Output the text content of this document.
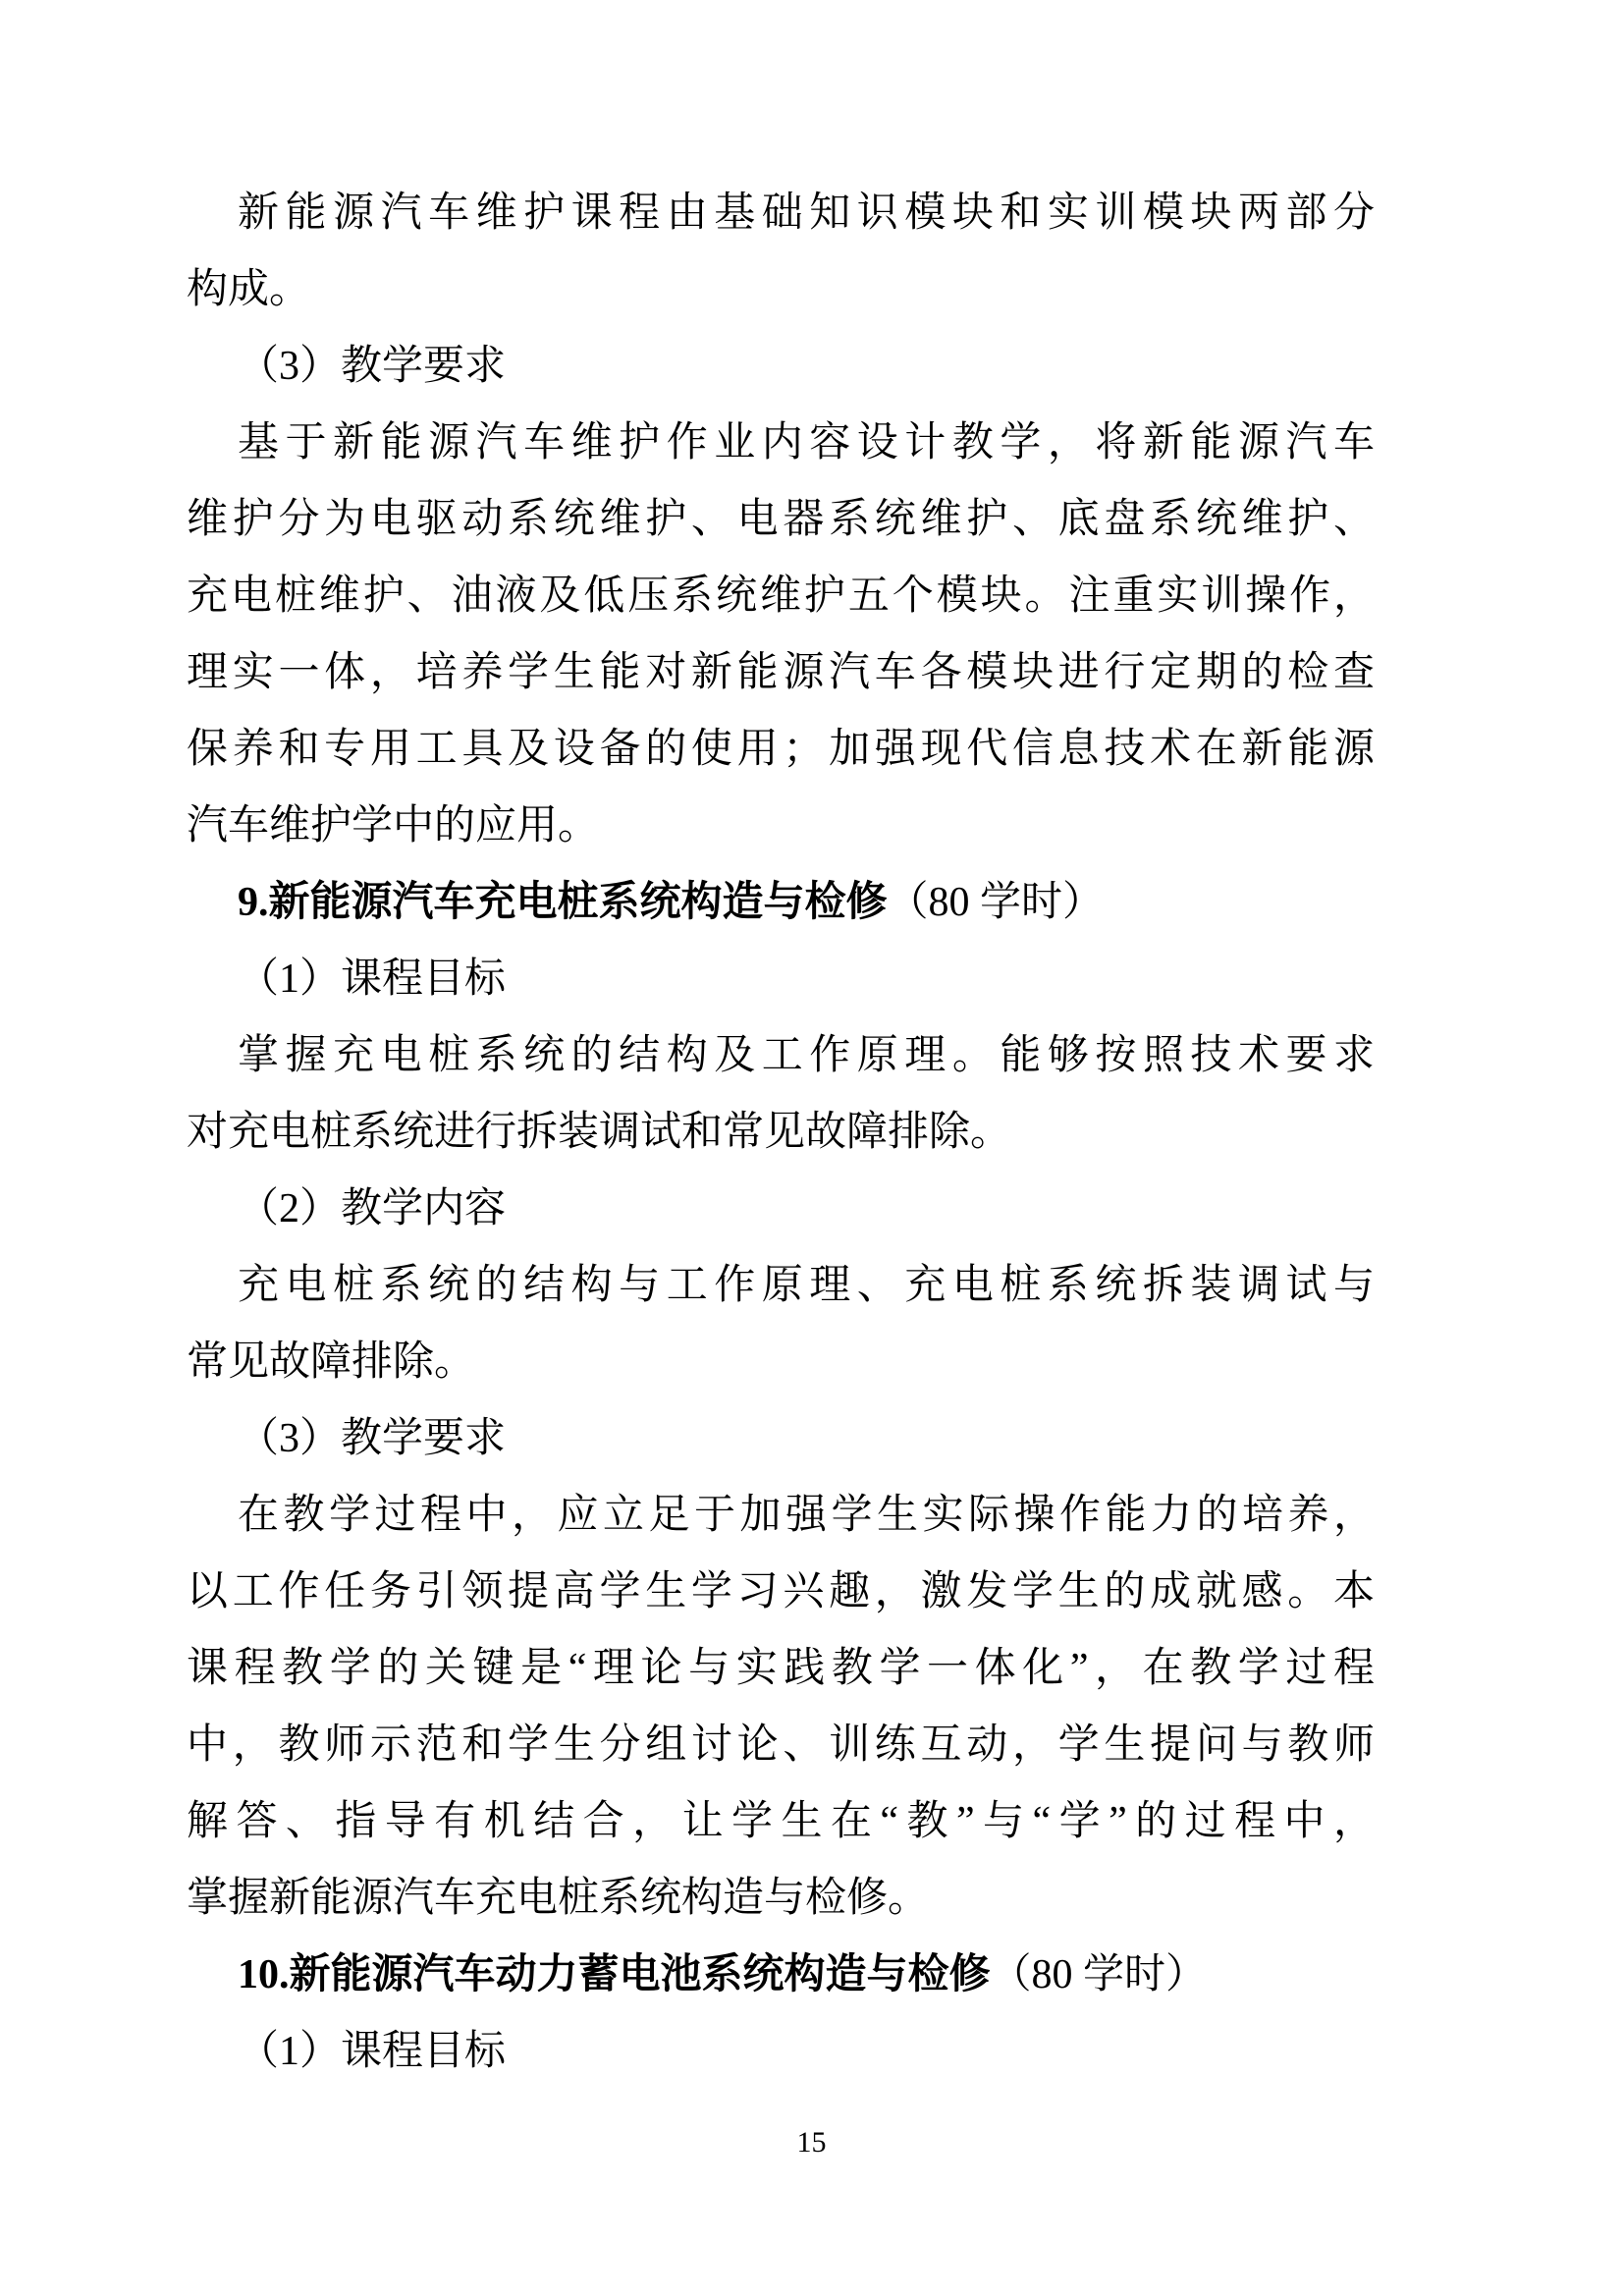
新能源汽车维护课程由基础知识模块和实训模块两部分
构成。
（3）教学要求
基于新能源汽车维护作业内容设计教学，将新能源汽车
维护分为电驱动系统维护、电器系统维护、底盘系统维护、
充电桩维护、油液及低压系统维护五个模块。注重实训操作，
理实一体，培养学生能对新能源汽车各模块进行定期的检查
保养和专用工具及设备的使用；加强现代信息技术在新能源
汽车维护学中的应用。
9.新能源汽车充电桩系统构造与检修（80 学时）
（1）课程目标
掌握充电桩系统的结构及工作原理。能够按照技术要求
对充电桩系统进行拆装调试和常见故障排除。
（2）教学内容
充电桩系统的结构与工作原理、充电桩系统拆装调试与
常见故障排除。
（3）教学要求
在教学过程中，应立足于加强学生实际操作能力的培养，
以工作任务引领提高学生学习兴趣，激发学生的成就感。本
课程教学的关键是“理论与实践教学一体化”，在教学过程
中，教师示范和学生分组讨论、训练互动，学生提问与教师
解答、指导有机结合，让学生在“教”与“学”的过程中，
掌握新能源汽车充电桩系统构造与检修。
10.新能源汽车动力蓄电池系统构造与检修（80 学时）
（1）课程目标
15
